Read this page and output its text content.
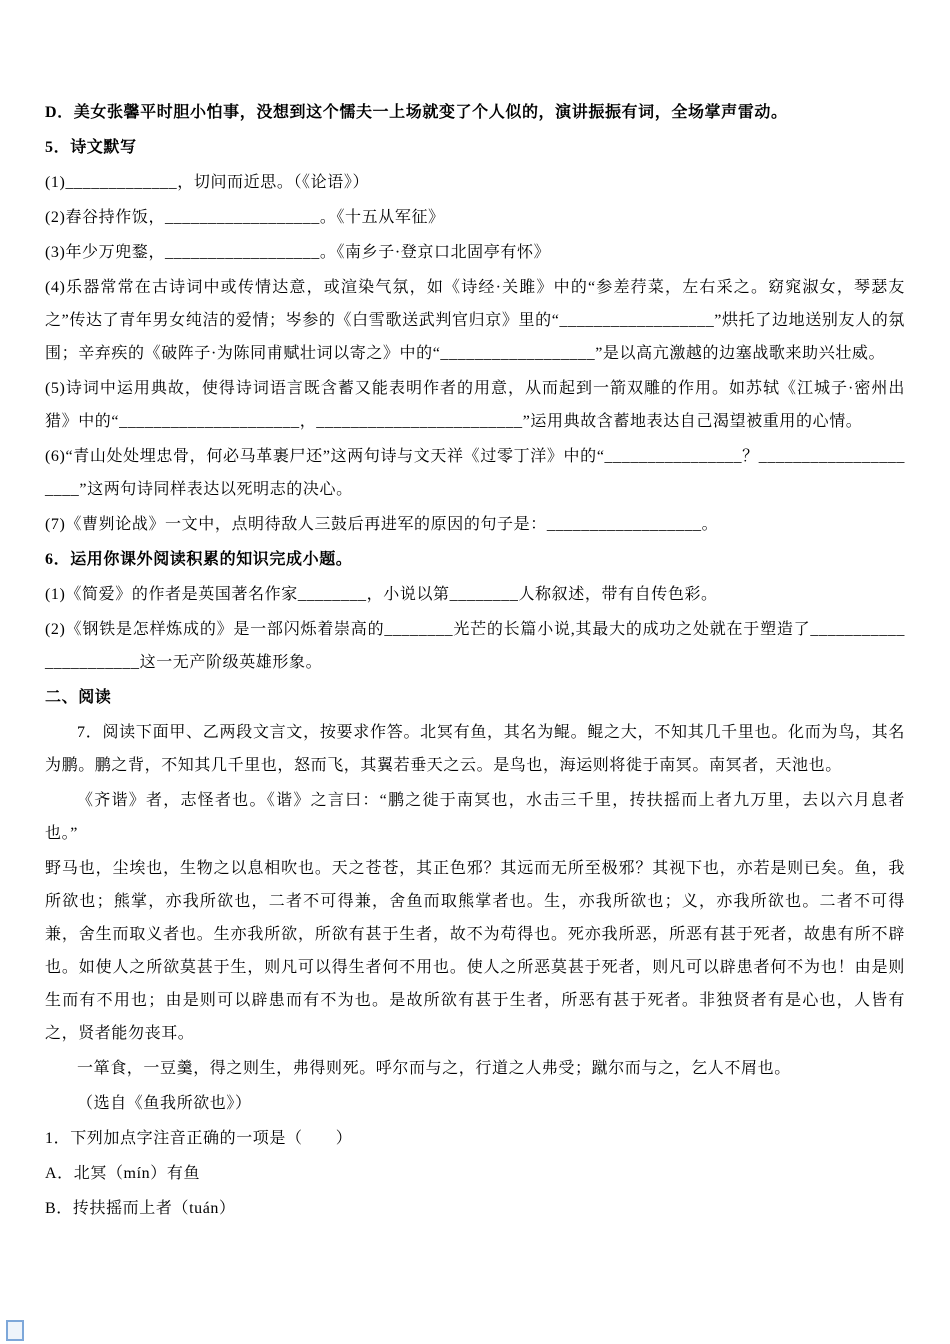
D．美女张馨平时胆小怕事，没想到这个懦夫一上场就变了个人似的，演讲振振有词，全场掌声雷动。

5．诗文默写

(1)_____________，切问而近思。（《论语》）

(2)舂谷持作饭，__________________。《十五从军征》

(3)年少万兜鍪，__________________。《南乡子·登京口北固亭有怀》

(4)乐器常常在古诗词中或传情达意，或渲染气氛，如《诗经·关雎》中的“参差荇菜，左右采之。窈窕淑女，琴瑟友之”传达了青年男女纯洁的爱情；岑参的《白雪歌送武判官归京》里的“__________________”烘托了边地送别友人的氛围；辛弃疾的《破阵子·为陈同甫赋壮词以寄之》中的“__________________”是以高亢激越的边塞战歌来助兴壮威。

(5)诗词中运用典故，使得诗词语言既含蓄又能表明作者的用意，从而起到一箭双雕的作用。如苏轼《江城子·密州出猎》中的“_____________________，________________________”运用典故含蓄地表达自己渴望被重用的心情。

(6)“青山处处埋忠骨，何必马革裹尸还”这两句诗与文天祥《过零丁洋》中的“________________？_____________________”这两句诗同样表达以死明志的决心。

(7)《曹刿论战》一文中，点明待敌人三鼓后再进军的原因的句子是：__________________。

6．运用你课外阅读积累的知识完成小题。

(1)《简爱》的作者是英国著名作家________，小说以第________人称叙述，带有自传色彩。

(2)《钢铁是怎样炼成的》是一部闪烁着崇高的________光芒的长篇小说,其最大的成功之处就在于塑造了______________________这一无产阶级英雄形象。

二、阅读

7．阅读下面甲、乙两段文言文，按要求作答。北冥有鱼，其名为鲲。鲲之大，不知其几千里也。化而为鸟，其名为鹏。鹏之背，不知其几千里也，怒而飞，其翼若垂天之云。是鸟也，海运则将徙于南冥。南冥者，天池也。

《齐谐》者，志怪者也。《谐》之言曰：“鹏之徙于南冥也，水击三千里，抟扶摇而上者九万里，去以六月息者也。”

野马也，尘埃也，生物之以息相吹也。天之苍苍，其正色邪？其远而无所至极邪？其视下也，亦若是则已矣。鱼，我所欲也；熊掌，亦我所欲也，二者不可得兼，舍鱼而取熊掌者也。生，亦我所欲也；义，亦我所欲也。二者不可得兼，舍生而取义者也。生亦我所欲，所欲有甚于生者，故不为苟得也。死亦我所恶，所恶有甚于死者，故患有所不辟也。如使人之所欲莫甚于生，则凡可以得生者何不用也。使人之所恶莫甚于死者，则凡可以辟患者何不为也！由是则生而有不用也；由是则可以辟患而有不为也。是故所欲有甚于生者，所恶有甚于死者。非独贤者有是心也，人皆有之，贤者能勿丧耳。

一箪食，一豆羹，得之则生，弗得则死。呼尔而与之，行道之人弗受；蹴尔而与之，乞人不屑也。

（选自《鱼我所欲也》）

1．下列加点字注音正确的一项是（　　）

A．北冥（mín）有鱼

B．抟扶摇而上者（tuán）
